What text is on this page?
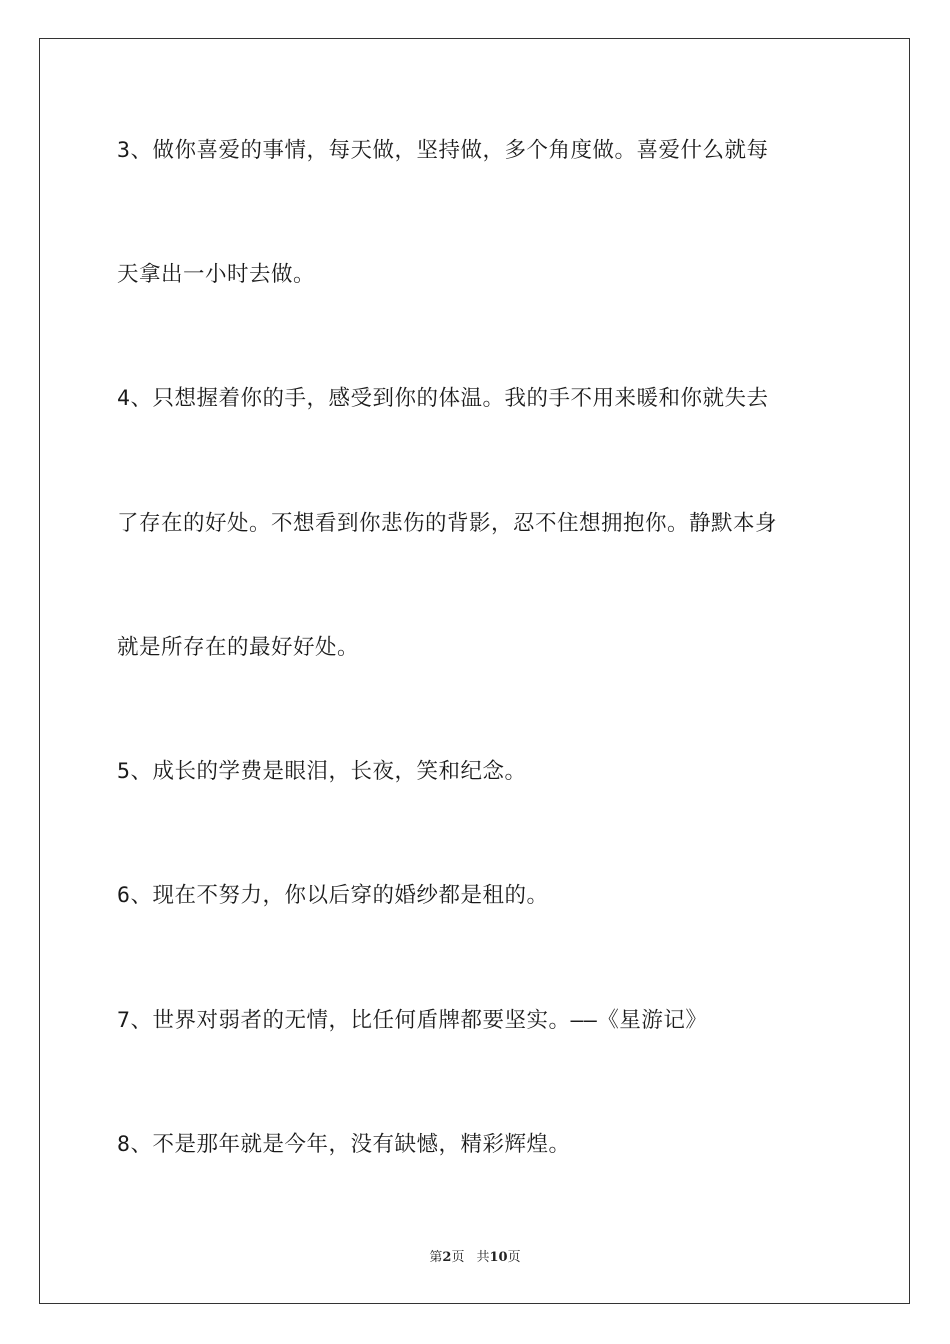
3、做你喜爱的事情，每天做，坚持做，多个角度做。喜爱什么就每
天拿出一小时去做。
4、只想握着你的手，感受到你的体温。我的手不用来暖和你就失去
了存在的好处。不想看到你悲伤的背影，忍不住想拥抱你。静默本身
就是所存在的最好好处。
5、成长的学费是眼泪，长夜，笑和纪念。
6、现在不努力，你以后穿的婚纱都是租的。
7、世界对弱者的无情，比任何盾牌都要坚实。——《星游记》
8、不是那年就是今年，没有缺憾，精彩辉煌。
第2页 共10页
